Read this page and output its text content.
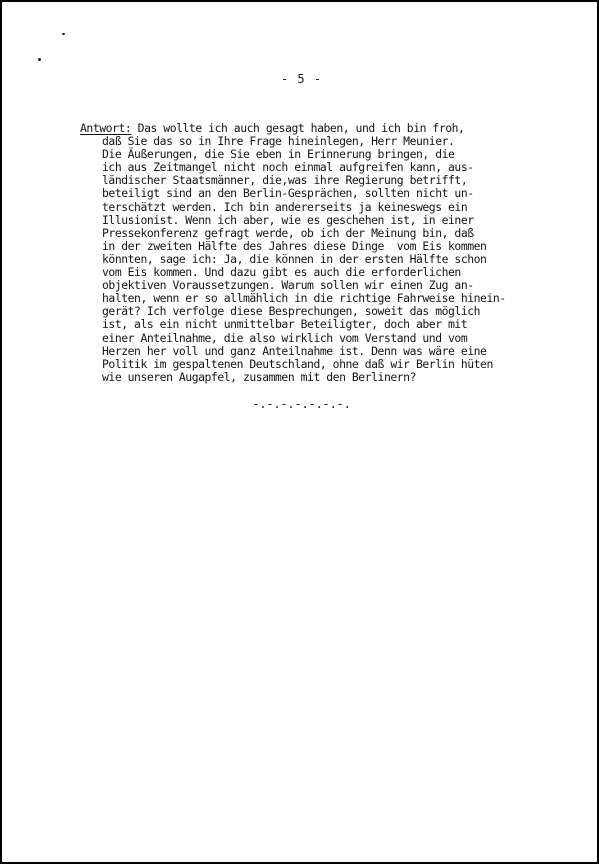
- 5 -
Antwort: Das wollte ich auch gesagt haben, und ich bin froh,
daß Sie das so in Ihre Frage hineinlegen, Herr Meunier.
Die Äußerungen, die Sie eben in Erinnerung bringen, die
ich aus Zeitmangel nicht noch einmal aufgreifen kann, aus-
ländischer Staatsmänner, die,was ihre Regierung betrifft,
beteiligt sind an den Berlin-Gesprächen, sollten nicht un-
terschätzt werden. Ich bin andererseits ja keineswegs ein
Illusionist. Wenn ich aber, wie es geschehen ist, in einer
Pressekonferenz gefragt werde, ob ich der Meinung bin, daß
in der zweiten Hälfte des Jahres diese Dinge  vom Eis kommen
könnten, sage ich: Ja, die können in der ersten Hälfte schon
vom Eis kommen. Und dazu gibt es auch die erforderlichen
objektiven Voraussetzungen. Warum sollen wir einen Zug an-
halten, wenn er so allmählich in die richtige Fahrweise hinein-
gerät? Ich verfolge diese Besprechungen, soweit das möglich
ist, als ein nicht unmittelbar Beteiligter, doch aber mit
einer Anteilnahme, die also wirklich vom Verstand und vom
Herzen her voll und ganz Anteilnahme ist. Denn was wäre eine
Politik im gespaltenen Deutschland, ohne daß wir Berlin hüten
wie unseren Augapfel, zusammen mit den Berlinern?
-.-.-.-.-.-.-.
